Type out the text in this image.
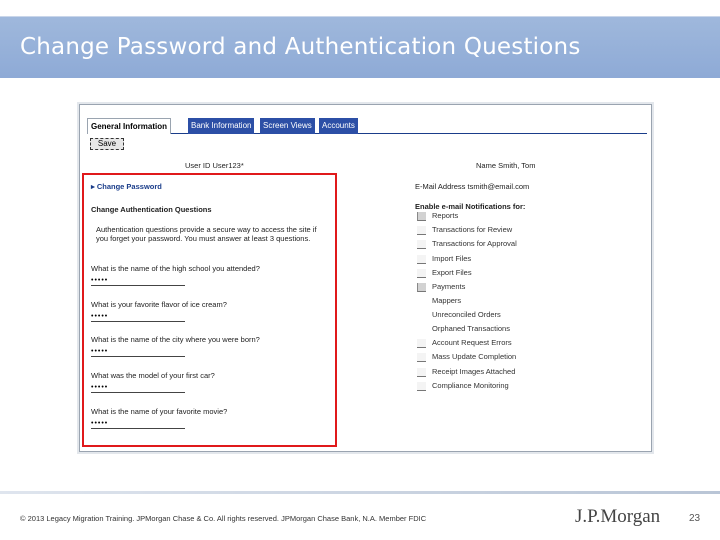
Change Password and Authentication Questions
General Information	Bank Information	Screen Views	Accounts
Save
User ID User123*	Name Smith, Tom
▸ Change Password	E-Mail Address tsmith@email.com
Change Authentication Questions	Enable e-mail Notifications for:
Authentication questions provide a secure way to access the site if you forget your password. You must answer at least 3 questions.
What is the name of the high school you attended?
•••••
What is your favorite flavor of ice cream?
•••••
What is the name of the city where you were born?
•••••
What was the model of your first car?
•••••
What is the name of your favorite movie?
•••••
Reports
Transactions for Review
Transactions for Approval
Import Files
Export Files
Payments
Mappers
Unreconciled Orders
Orphaned Transactions
Account Request Errors
Mass Update Completion
Receipt Images Attached
Compliance Monitoring
© 2013 Legacy Migration Training. JPMorgan Chase & Co. All rights reserved. JPMorgan Chase Bank, N.A. Member FDIC	J.P.Morgan	23
